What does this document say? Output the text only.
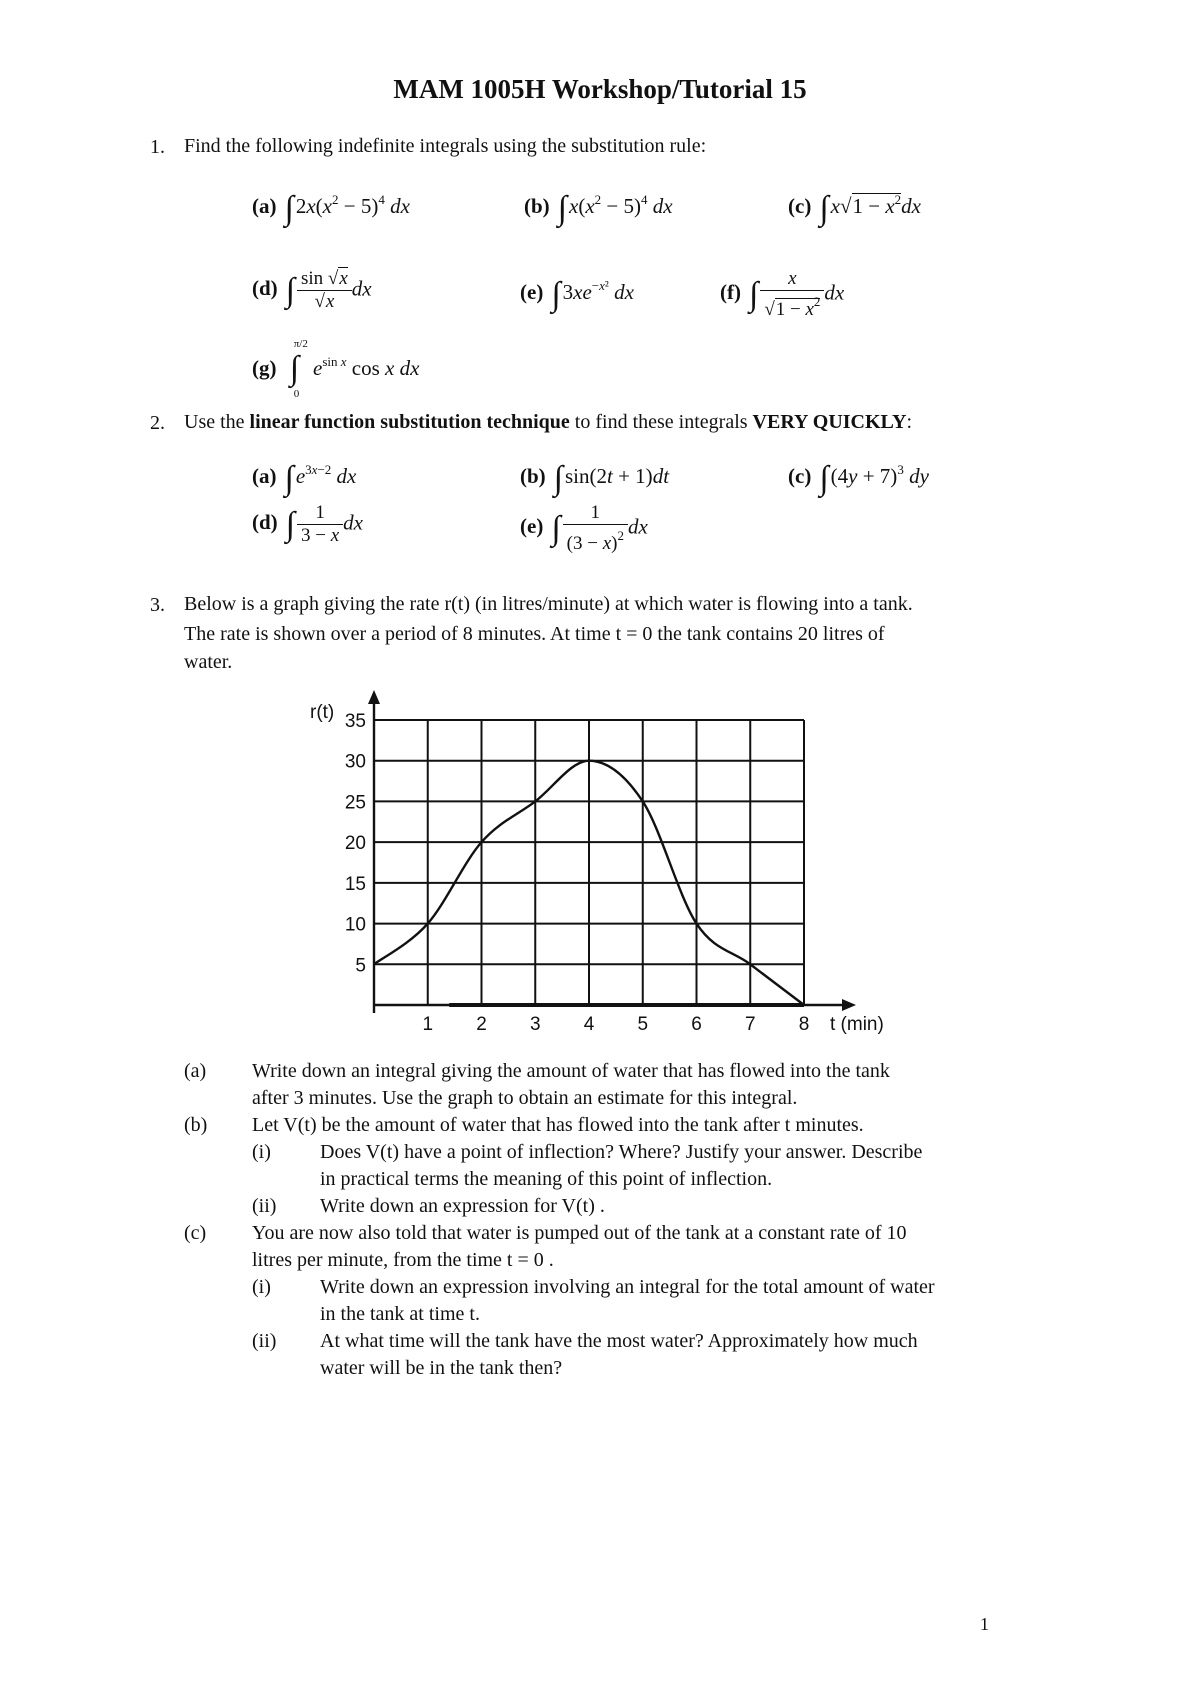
MAM 1005H Workshop/Tutorial 15
1. Find the following indefinite integrals using the substitution rule:
(a) $\int 2x(x^2 - 5)^4$ dx	(b) $\int x(x^2 - 5)^4$ dx	(c) $\int x√1 - x^2dx$
(d) ∫ $\frac{\sin √x}{√x}$ dx	(e) $\int 3xe^{-x^2}$ dx	(f) ∫ $\frac{x}{√1 - x^2}$ dx
(g)
π/2
∫
0
$e^{sin x}$ cos x dx
2. Use the linear function substitution technique to find these integrals VERY QUICKLY:
(a) $\int e^{3x-2}$ dx	(b) ∫sin(2t + 1)dt	(c) $\int(4y + 7)^3$ dy
(d) ∫ $\frac{1}{3 - x}$ dx	(e) ∫ $\frac{1}{(3 - x)^2}$ dx
3. Below is a graph giving the rate r(t) (in litres/minute) at which water is flowing into a tank.
The rate is shown over a period of 8 minutes. At time t = 0 the tank contains 20 litres of
water.
1 2 3 4 5 6 7 8
5
10
15
20
25
30
35
r(t)
t (min)
(a)	Write down an integral giving the amount of water that has flowed into the tank
after 3 minutes. Use the graph to obtain an estimate for this integral.
(b)	Let V(t) be the amount of water that has flowed into the tank after t minutes.
(i)	Does V(t) have a point of inflection? Where? Justify your answer. Describe
in practical terms the meaning of this point of inflection.
(ii)	Write down an expression for V(t) .
(c)	You are now also told that water is pumped out of the tank at a constant rate of 10
litres per minute, from the time t = 0 .
(i)	Write down an expression involving an integral for the total amount of water
in the tank at time t.
(ii)	At what time will the tank have the most water? Approximately how much
water will be in the tank then?
1
